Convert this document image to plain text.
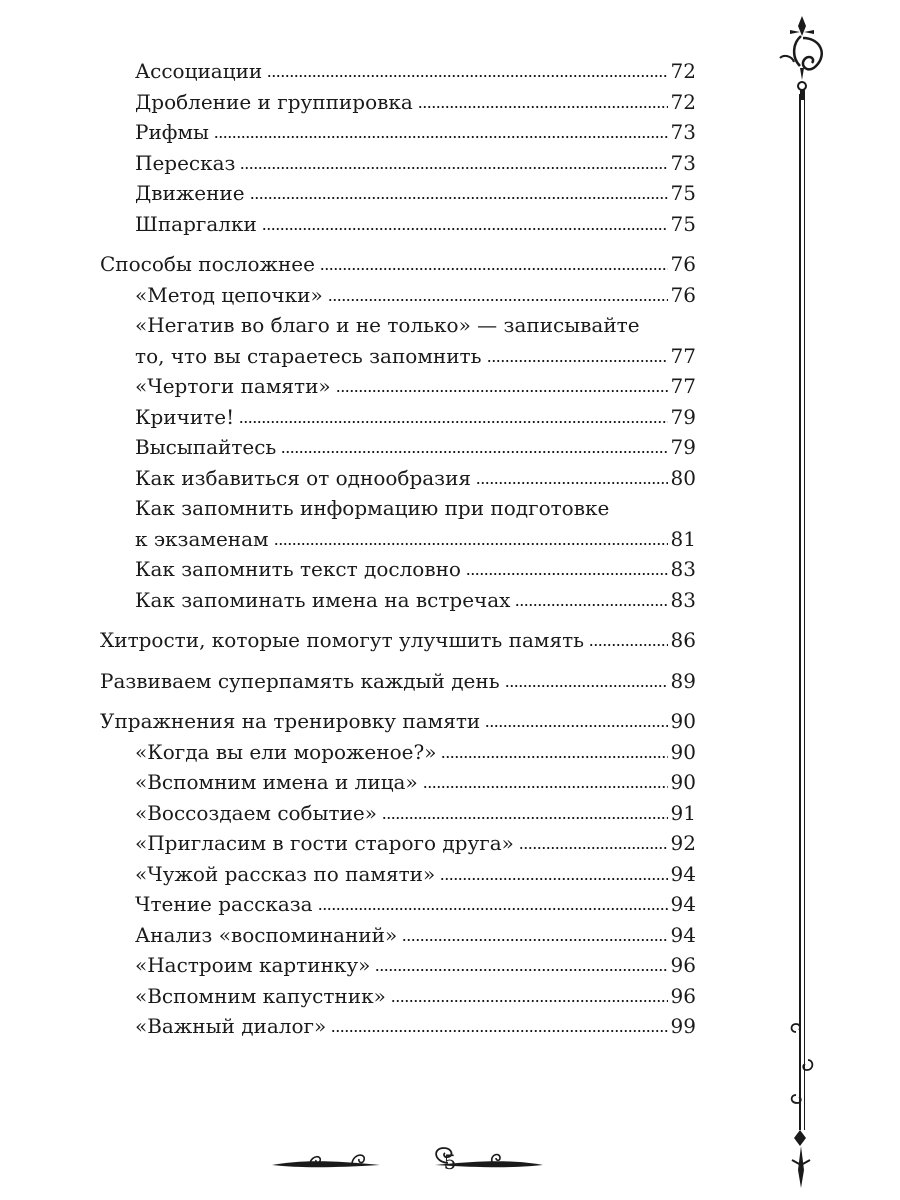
Ассоциации	72
Дробление и группировка	72
Рифмы	73
Пересказ	73
Движение	75
Шпаргалки	75
Способы посложнее	76
«Метод цепочки»	76
«Негатив во благо и не только» — записывайте
то, что вы стараетесь запомнить	77
«Чертоги памяти»	77
Кричите!	79
Высыпайтесь	79
Как избавиться от однообразия	80
Как запомнить информацию при подготовке
к экзаменам	81
Как запомнить текст дословно	83
Как запоминать имена на встречах	83
Хитрости, которые помогут улучшить память	86
Развиваем суперпамять каждый день	89
Упражнения на тренировку памяти	90
«Когда вы ели мороженое?»	90
«Вспомним имена и лица»	90
«Воссоздаем событие»	91
«Пригласим в гости старого друга»	92
«Чужой рассказ по памяти»	94
Чтение рассказа	94
Анализ «воспоминаний»	94
«Настроим картинку»	96
«Вспомним капустник»	96
«Важный диалог»	99
5
